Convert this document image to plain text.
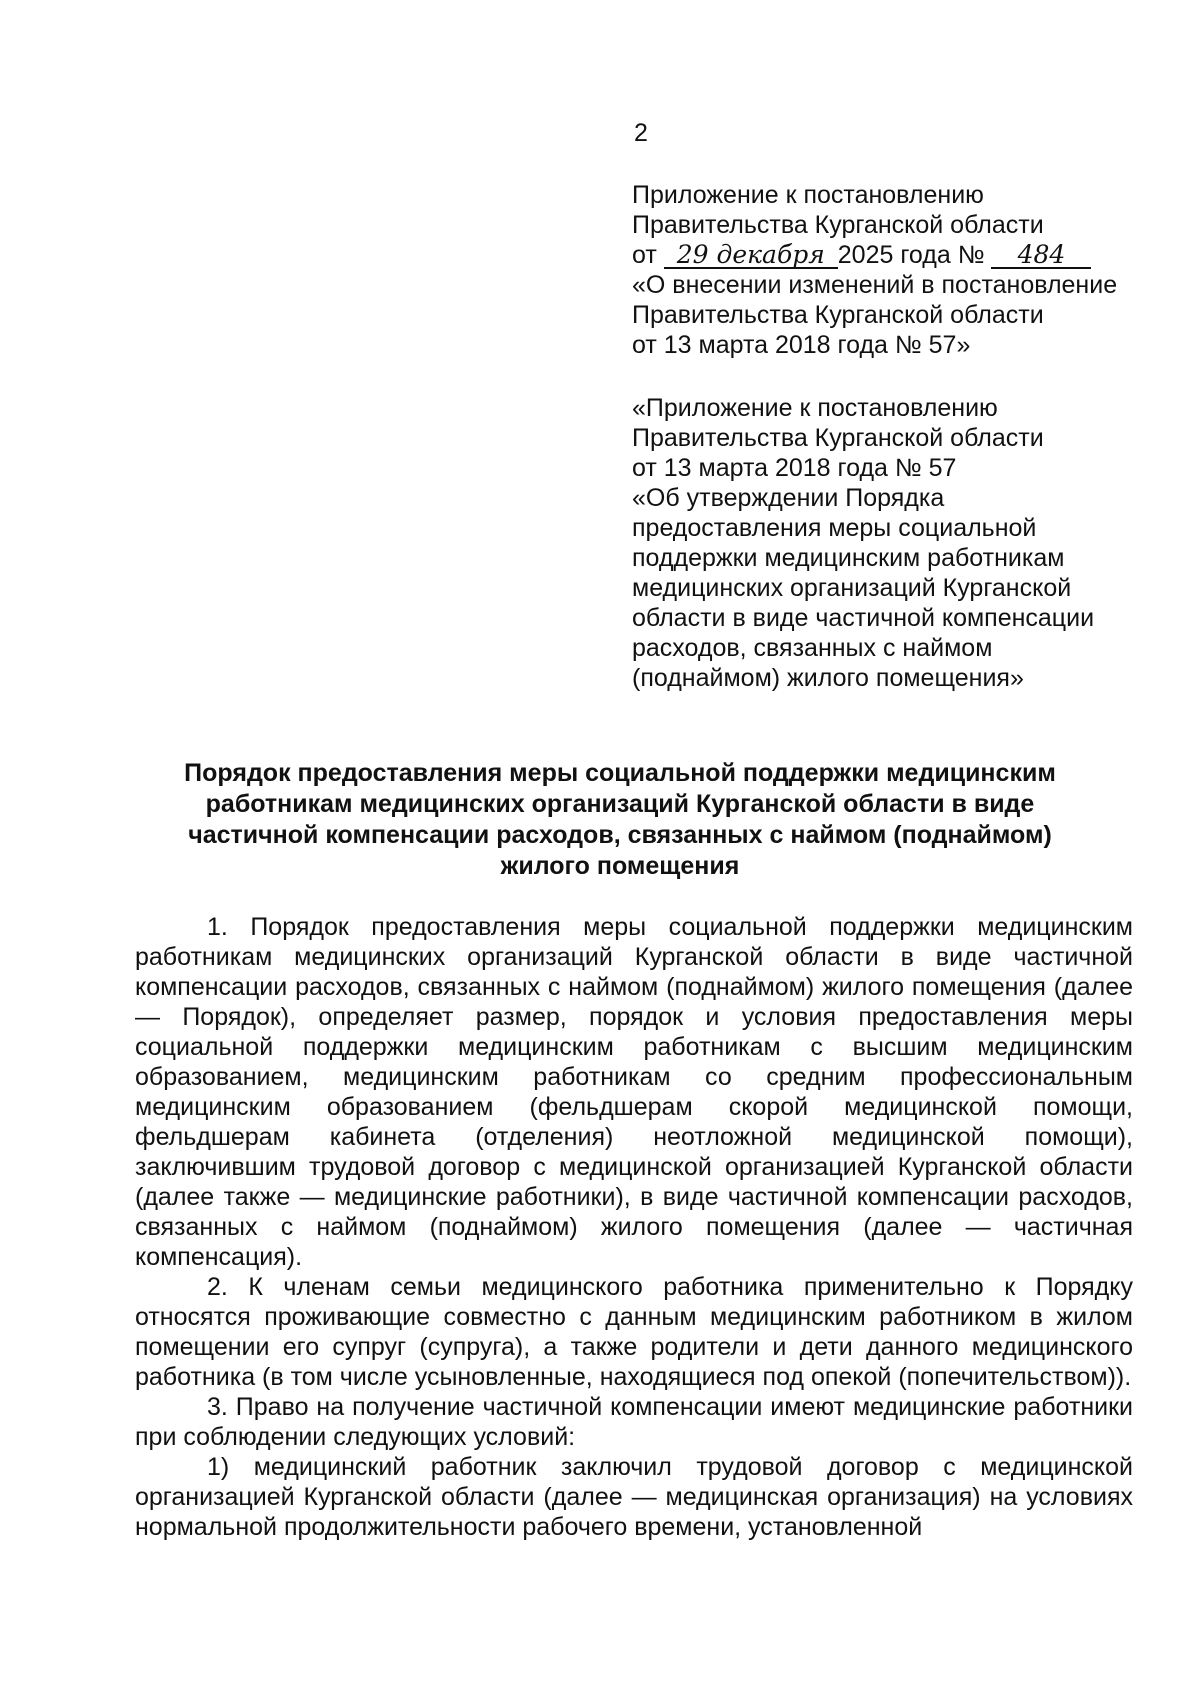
2
Приложение к постановлению
Правительства Курганской области
от 29 декабря 2025 года № 484
«О внесении изменений в постановление
Правительства Курганской области
от 13 марта 2018 года № 57»
«Приложение к постановлению
Правительства Курганской области
от 13 марта 2018 года № 57
«Об утверждении Порядка
предоставления меры социальной
поддержки медицинским работникам
медицинских организаций Курганской
области в виде частичной компенсации
расходов, связанных с наймом
(поднаймом) жилого помещения»
Порядок предоставления меры социальной поддержки медицинским
работникам медицинских организаций Курганской области в виде
частичной компенсации расходов, связанных с наймом (поднаймом)
жилого помещения

1. Порядок предоставления меры социальной поддержки медицинским работникам медицинских организаций Курганской области в виде частичной компенсации расходов, связанных с наймом (поднаймом) жилого помещения (далее — Порядок), определяет размер, порядок и условия предоставления меры социальной поддержки медицинским работникам с высшим медицинским образованием, медицинским работникам со средним профессиональным медицинским образованием (фельдшерам скорой медицинской помощи, фельдшерам кабинета (отделения) неотложной медицинской помощи), заключившим трудовой договор с медицинской организацией Курганской области (далее также — медицинские работники), в виде частичной компенсации расходов, связанных с наймом (поднаймом) жилого помещения (далее — частичная компенсация).

2. К членам семьи медицинского работника применительно к Порядку относятся проживающие совместно с данным медицинским работником в жилом помещении его супруг (супруга), а также родители и дети данного медицинского работника (в том числе усыновленные, находящиеся под опекой (попечительством)).

3. Право на получение частичной компенсации имеют медицинские работники при соблюдении следующих условий:

1) медицинский работник заключил трудовой договор с медицинской организацией Курганской области (далее — медицинская организация) на условиях нормальной продолжительности рабочего времени, установленной
